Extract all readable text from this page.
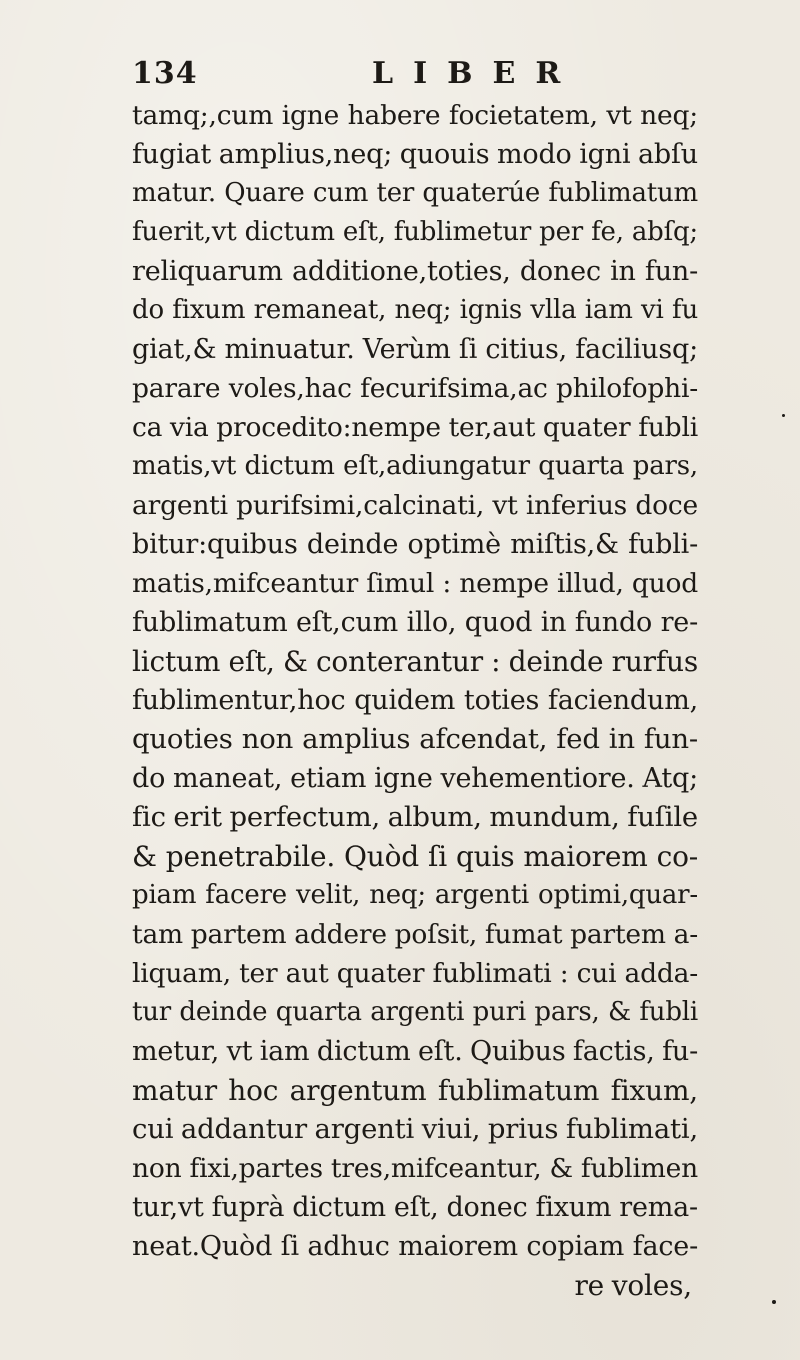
134	LIBER
tamq;,cum igne habere focietatem, vt neq;
fugiat amplius,neq; quouis modo igni abſu
matur. Quare cum ter quaterúe fublimatum
fuerit,vt dictum eſt, fublimetur per fe, abſq;
reliquarum additione,toties, donec in fun-
do fixum remaneat, neq; ignis vlla iam vi fu
giat,& minuatur. Verùm ſi citius, faciliusq;
parare voles,hac fecurifsima,ac philofophi-
ca via procedito:nempe ter,aut quater fubli
matis,vt dictum eſt,adiungatur quarta pars,
argenti purifsimi,calcinati, vt inferius doce
bitur:quibus deinde optimè miſtis,& fubli-
matis,mifceantur ſimul : nempe illud, quod
fublimatum eſt,cum illo, quod in fundo re-
lictum eſt, & conterantur : deinde rurfus
fublimentur,hoc quidem toties faciendum,
quoties non amplius afcendat, fed in fun-
do maneat, etiam igne vehementiore. Atq;
fic erit perfectum, album, mundum, fuſile
& penetrabile. Quòd ſi quis maiorem co-
piam facere velit, neq; argenti optimi,quar-
tam partem addere poſsit, fumat partem a-
liquam, ter aut quater fublimati : cui adda-
tur deinde quarta argenti puri pars, & fubli
metur, vt iam dictum eſt. Quibus factis, fu-
matur hoc argentum fublimatum fixum,
cui addantur argenti viui, prius fublimati,
non fixi,partes tres,mifceantur, & fublimen
tur,vt fuprà dictum eſt, donec fixum rema-
neat.Quòd ſi adhuc maiorem copiam face-
re voles,
